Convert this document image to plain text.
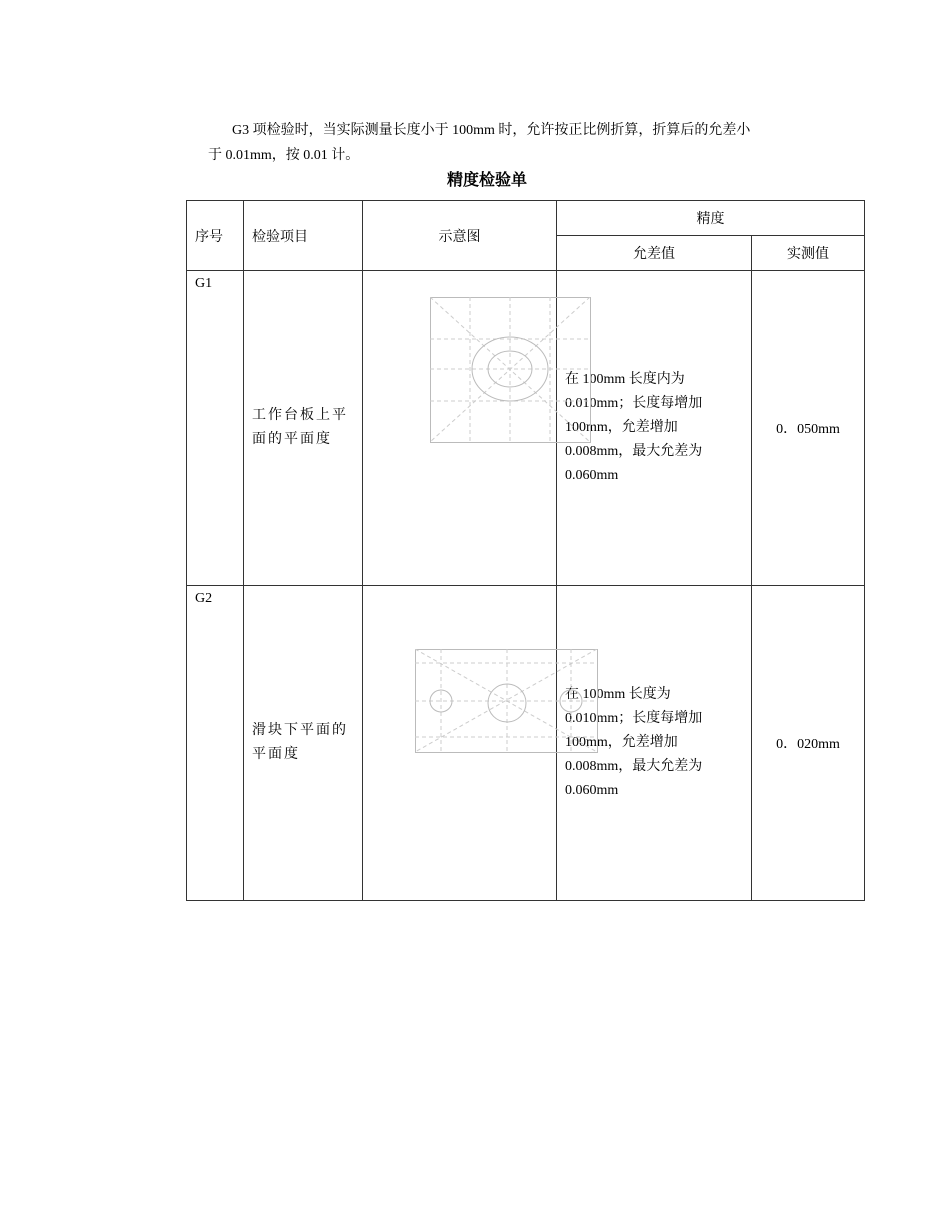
G3 项检验时，当实际测量长度小于 100mm 时，允许按正比例折算，折算后的允差小
于 0.01mm，按 0.01 计。

精度检验单
序号	检验项目	示意图	精度	
			允差值	实测值
G1	工作台板上平面的平面度		在 100mm 长度内为
0.010mm；长度每增加
100mm，允差增加
0.008mm，最大允差为
0.060mm	0．050mm
G2	滑块下平面的平面度		在 100mm 长度为
0.010mm；长度每增加
100mm，允差增加
0.008mm，最大允差为
0.060mm	0．020mm
